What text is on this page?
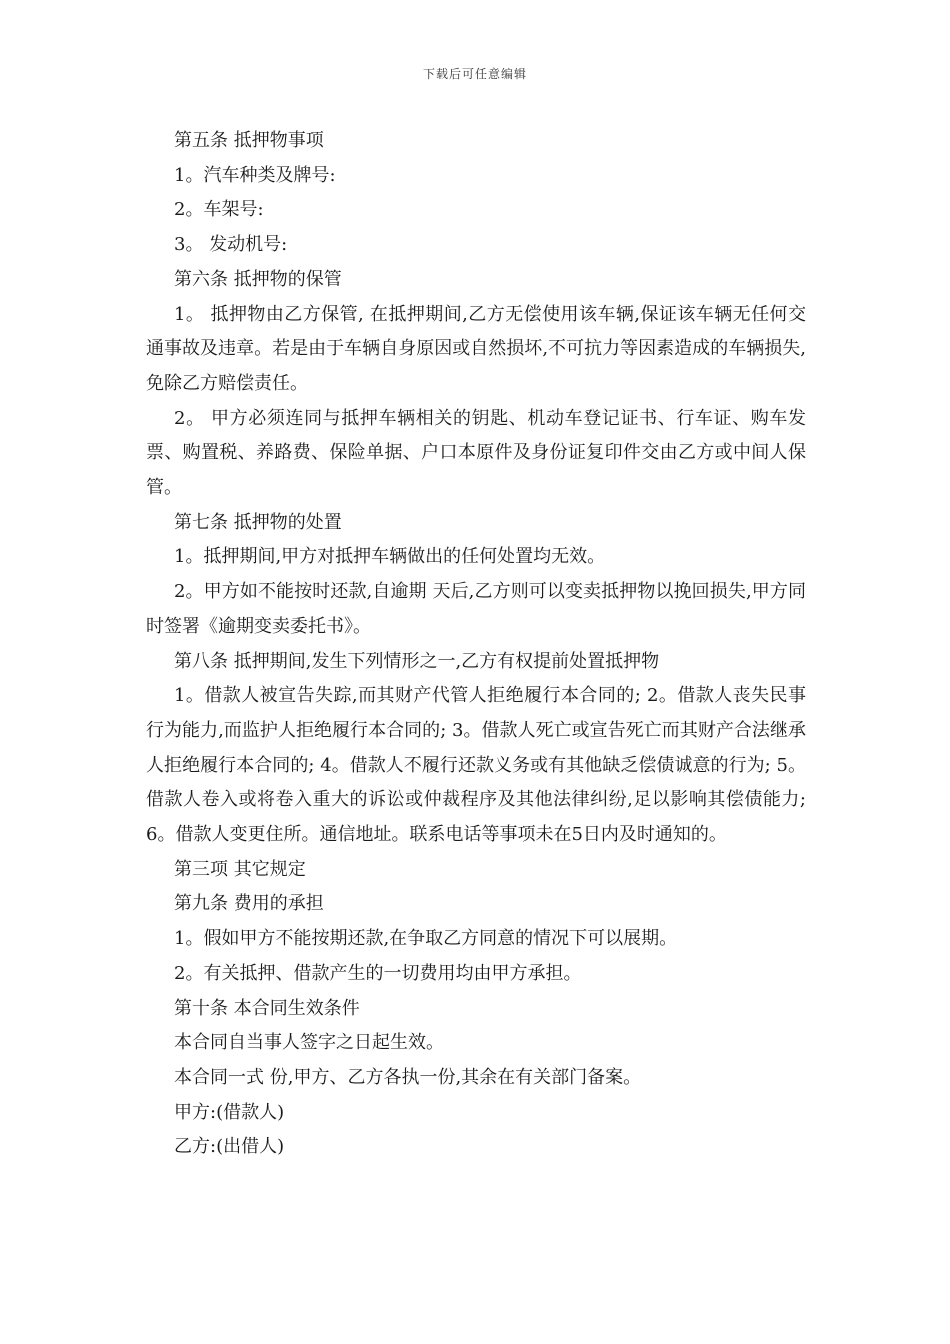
下载后可任意编辑

第五条 抵押物事项

1。汽车种类及牌号:

2。车架号:

3。 发动机号:

第六条 抵押物的保管

1。 抵押物由乙方保管, 在抵押期间,乙方无偿使用该车辆,保证该车辆无任何交通事故及违章。若是由于车辆自身原因或自然损坏,不可抗力等因素造成的车辆损失,免除乙方赔偿责任。

2。 甲方必须连同与抵押车辆相关的钥匙、机动车登记证书、行车证、购车发票、购置税、养路费、保险单据、户口本原件及身份证复印件交由乙方或中间人保管。

第七条 抵押物的处置

1。抵押期间,甲方对抵押车辆做出的任何处置均无效。

2。甲方如不能按时还款,自逾期 天后,乙方则可以变卖抵押物以挽回损失,甲方同时签署《逾期变卖委托书》。

第八条 抵押期间,发生下列情形之一,乙方有权提前处置抵押物

1。借款人被宣告失踪,而其财产代管人拒绝履行本合同的; 2。借款人丧失民事行为能力,而监护人拒绝履行本合同的; 3。借款人死亡或宣告死亡而其财产合法继承人拒绝履行本合同的; 4。借款人不履行还款义务或有其他缺乏偿债诚意的行为; 5。借款人卷入或将卷入重大的诉讼或仲裁程序及其他法律纠纷,足以影响其偿债能力; 6。借款人变更住所。通信地址。联系电话等事项未在5日内及时通知的。

第三项 其它规定

第九条 费用的承担

1。假如甲方不能按期还款,在争取乙方同意的情况下可以展期。

2。有关抵押、借款产生的一切费用均由甲方承担。

第十条 本合同生效条件

本合同自当事人签字之日起生效。

本合同一式 份,甲方、乙方各执一份,其余在有关部门备案。

甲方:(借款人)

乙方:(出借人)
